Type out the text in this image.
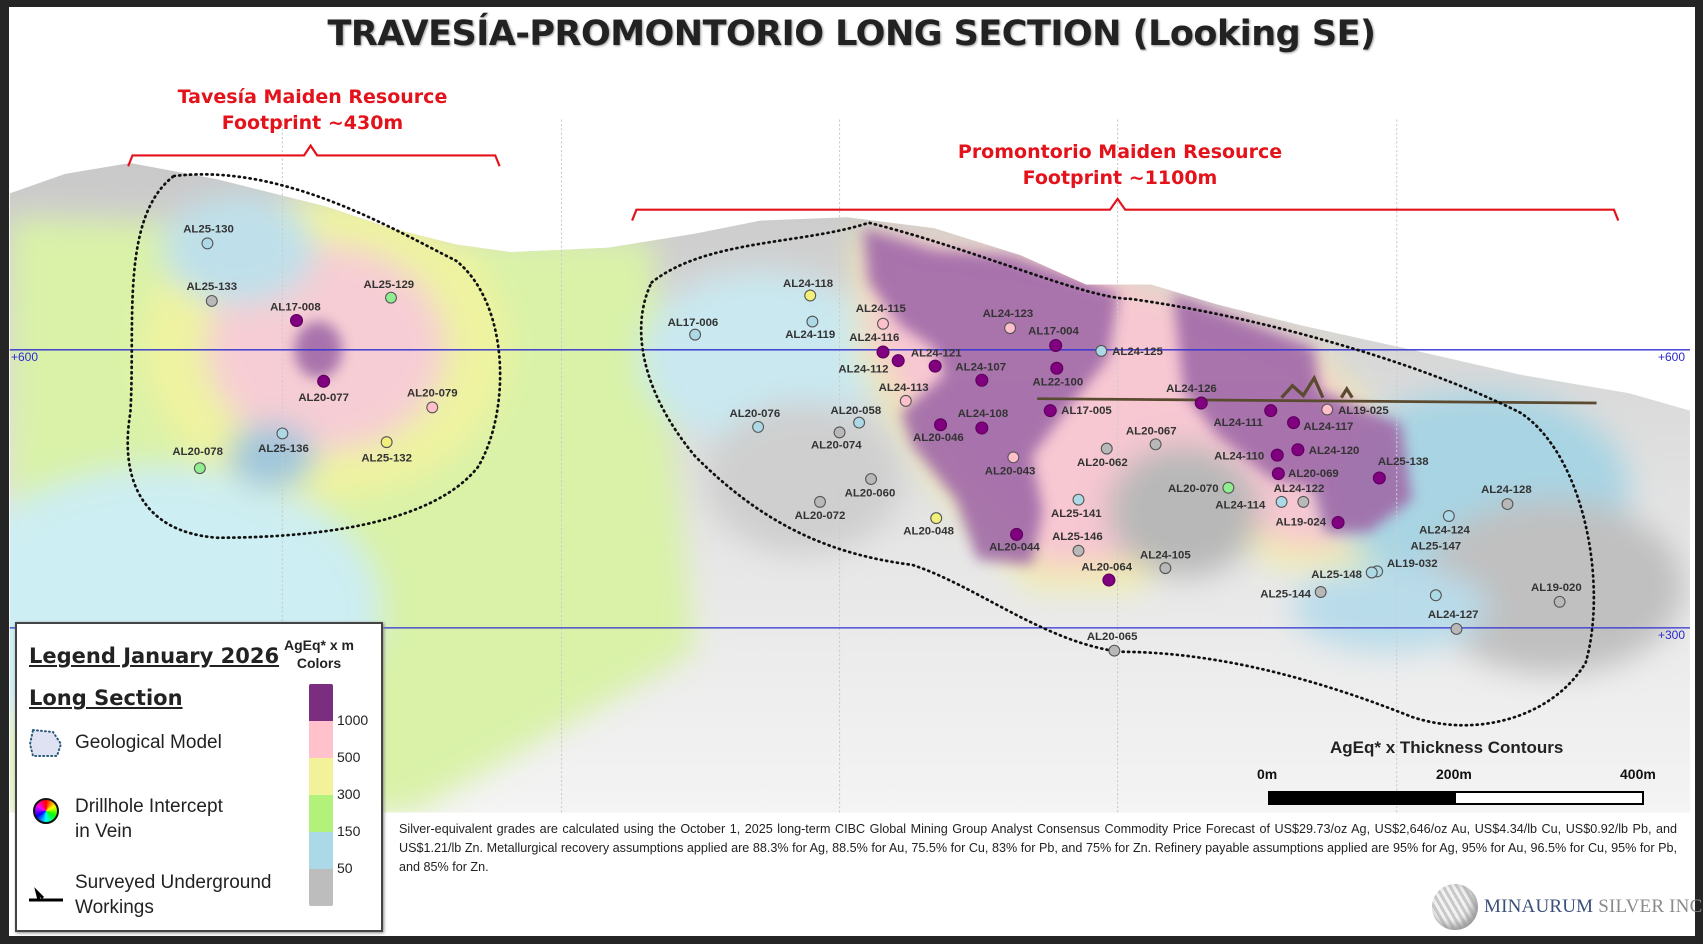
AL25-130
AL25-133	AL25-129
AL17-008
AL20-077	AL20-079
AL20-078	AL25-136
AL25-132
AL17-006
AL24-118
AL24-119
AL24-115
AL24-116
AL24-112
AL24-121
AL24-123
AL17-004
AL24-125
AL24-107
AL22-100
AL24-113
AL17-005
AL20-076	AL20-058
AL20-074
AL24-108
AL20-046
AL20-043
AL20-060
AL20-072
AL20-048
AL20-044
AL25-141
AL25-146
AL20-064
AL20-062
AL20-067
AL24-105
AL20-065
AL24-126
AL19-025
AL24-111	AL24-117
AL24-110	AL24-120
AL20-069
AL25-138
AL20-070	AL24-122
AL24-114
AL19-024
AL24-124
AL25-147
AL19-032
AL25-148
AL25-144
AL24-127
AL24-128
AL19-020
TRAVESÍA-PROMONTORIO LONG SECTION (Looking SE)
Tavesía Maiden Resource
Footprint ~430m
Promontorio Maiden Resource
Footprint ~1100m
+600	+600
+300
Legend January 2026
Long Section
Geological Model
Drillhole Intercept
in Vein
Surveyed Underground
Workings
AgEq* x m
Colors
1000
500
300
150
50
AgEq* x Thickness Contours
0m	200m	400m
Silver-equivalent grades are calculated using the October 1, 2025 long-term CIBC Global Mining Group Analyst Consensus Commodity Price Forecast of US$29.73/oz Ag, US$2,646/oz Au, US$4.34/lb Cu, US$0.92/lb Pb, and US$1.21/lb Zn. Metallurgical recovery assumptions applied are 88.3% for Ag, 88.5% for Au, 75.5% for Cu, 83% for Pb, and 75% for Zn. Refinery payable assumptions applied are 95% for Ag, 95% for Au, 96.5% for Cu, 95% for Pb, and 85% for Zn.
MINAURUM SILVER INC
